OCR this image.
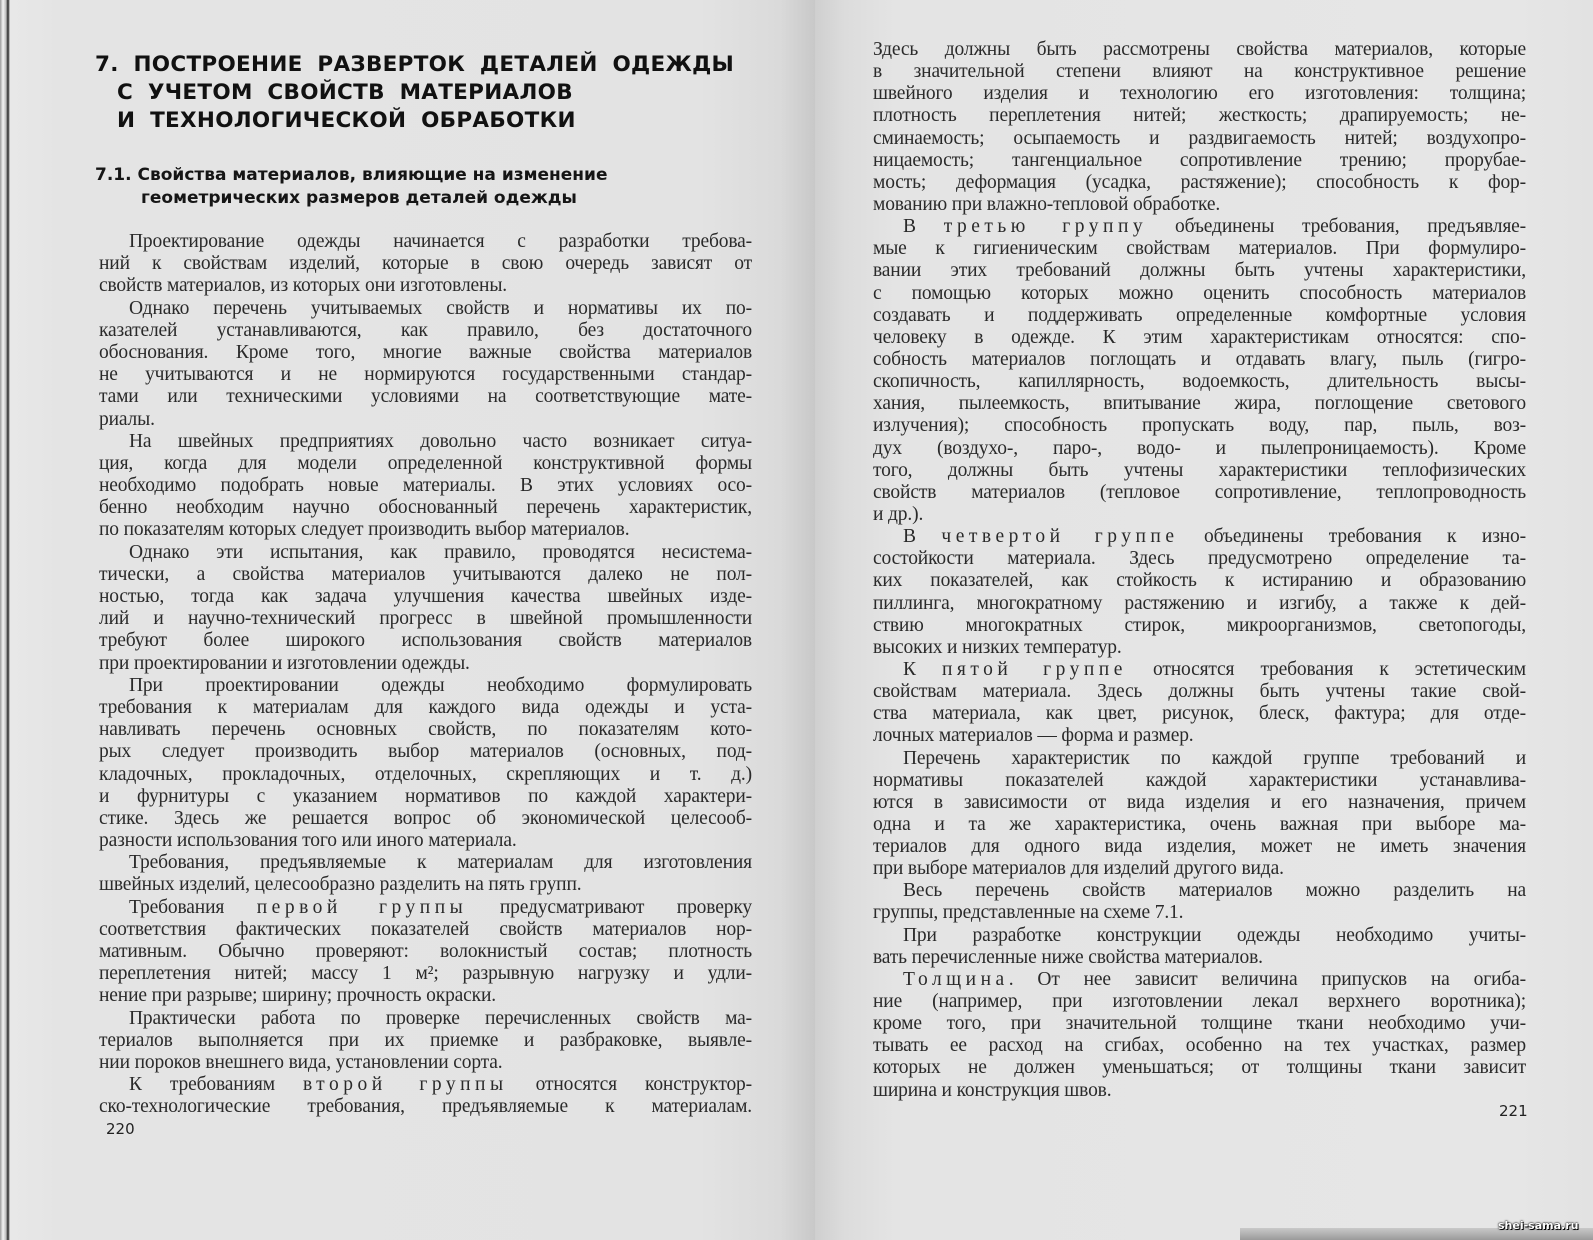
7. ПОСТРОЕНИЕ РАЗВЕРТОК ДЕТАЛЕЙ ОДЕЖДЫ
С УЧЕТОМ СВОЙСТВ МАТЕРИАЛОВ
И ТЕХНОЛОГИЧЕСКОЙ ОБРАБОТКИ
7.1. Свойства материалов, влияющие на изменение
геометрических размеров деталей одежды
Проектирование одежды начинается с разработки требова-
ний к свойствам изделий, которые в свою очередь зависят от
свойств материалов, из которых они изготовлены.
Однако перечень учитываемых свойств и нормативы их по-
казателей устанавливаются, как правило, без достаточного
обоснования. Кроме того, многие важные свойства материалов
не учитываются и не нормируются государственными стандар-
тами или техническими условиями на соответствующие мате-
риалы.
На швейных предприятиях довольно часто возникает ситуа-
ция, когда для модели определенной конструктивной формы
необходимо подобрать новые материалы. В этих условиях осо-
бенно необходим научно обоснованный перечень характеристик,
по показателям которых следует производить выбор материалов.
Однако эти испытания, как правило, проводятся несистема-
тически, а свойства материалов учитываются далеко не пол-
ностью, тогда как задача улучшения качества швейных изде-
лий и научно-технический прогресс в швейной промышленности
требуют более широкого использования свойств материалов
при проектировании и изготовлении одежды.
При проектировании одежды необходимо формулировать
требования к материалам для каждого вида одежды и уста-
навливать перечень основных свойств, по показателям кото-
рых следует производить выбор материалов (основных, под-
кладочных, прокладочных, отделочных, скрепляющих и т. д.)
и фурнитуры с указанием нормативов по каждой характери-
стике. Здесь же решается вопрос об экономической целесооб-
разности использования того или иного материала.
Требования, предъявляемые к материалам для изготовления
швейных изделий, целесообразно разделить на пять групп.
Требования первой группы предусматривают проверку
соответствия фактических показателей свойств материалов нор-
мативным. Обычно проверяют: волокнистый состав; плотность
переплетения нитей; массу 1 м²; разрывную нагрузку и удли-
нение при разрыве; ширину; прочность окраски.
Практически работа по проверке перечисленных свойств ма-
териалов выполняется при их приемке и разбраковке, выявле-
нии пороков внешнего вида, установлении сорта.
К требованиям второй группы относятся конструктор-
ско-технологические требования, предъявляемые к материалам.
220
Здесь должны быть рассмотрены свойства материалов, которые
в значительной степени влияют на конструктивное решение
швейного изделия и технологию его изготовления: толщина;
плотность переплетения нитей; жесткость; драпируемость; не-
сминаемость; осыпаемость и раздвигаемость нитей; воздухопро-
ницаемость; тангенциальное сопротивление трению; прорубае-
мость; деформация (усадка, растяжение); способность к фор-
мованию при влажно-тепловой обработке.
В третью группу объединены требования, предъявляе-
мые к гигиеническим свойствам материалов. При формулиро-
вании этих требований должны быть учтены характеристики,
с помощью которых можно оценить способность материалов
создавать и поддерживать определенные комфортные условия
человеку в одежде. К этим характеристикам относятся: спо-
собность материалов поглощать и отдавать влагу, пыль (гигро-
скопичность, капиллярность, водоемкость, длительность высы-
хания, пылеемкость, впитывание жира, поглощение светового
излучения); способность пропускать воду, пар, пыль, воз-
дух (воздухо-, паро-, водо- и пылепроницаемость). Кроме
того, должны быть учтены характеристики теплофизических
свойств материалов (тепловое сопротивление, теплопроводность
и др.).
В четвертой группе объединены требования к изно-
состойкости материала. Здесь предусмотрено определение та-
ких показателей, как стойкость к истиранию и образованию
пиллинга, многократному растяжению и изгибу, а также к дей-
ствию многократных стирок, микроорганизмов, светопогоды,
высоких и низких температур.
К пятой группе относятся требования к эстетическим
свойствам материала. Здесь должны быть учтены такие свой-
ства материала, как цвет, рисунок, блеск, фактура; для отде-
лочных материалов — форма и размер.
Перечень характеристик по каждой группе требований и
нормативы показателей каждой характеристики устанавлива-
ются в зависимости от вида изделия и его назначения, причем
одна и та же характеристика, очень важная при выборе ма-
териалов для одного вида изделия, может не иметь значения
при выборе материалов для изделий другого вида.
Весь перечень свойств материалов можно разделить на
группы, представленные на схеме 7.1.
При разработке конструкции одежды необходимо учиты-
вать перечисленные ниже свойства материалов.
Толщина. От нее зависит величина припусков на огиба-
ние (например, при изготовлении лекал верхнего воротника);
кроме того, при значительной толщине ткани необходимо учи-
тывать ее расход на сгибах, особенно на тех участках, размер
которых не должен уменьшаться; от толщины ткани зависит
ширина и конструкция швов.
221
shei-sama.ru
